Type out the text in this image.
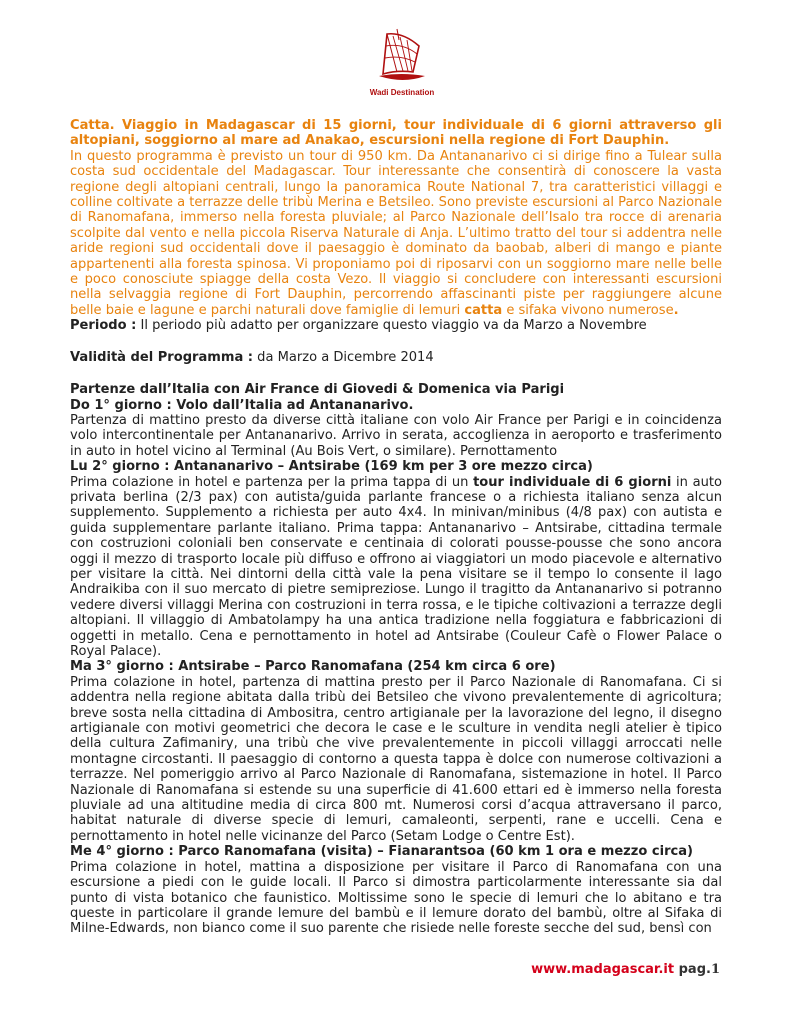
Wadi Destination

Catta. Viaggio in Madagascar di 15 giorni, tour individuale di 6 giorni attraverso gli altopiani, soggiorno al mare ad Anakao, escursioni nella regione di Fort Dauphin.

In questo programma è previsto un tour di 950 km. Da Antananarivo ci si dirige fino a Tulear sulla costa sud occidentale del Madagascar. Tour interessante che consentirà di conoscere la vasta regione degli altopiani centrali, lungo la panoramica Route National 7, tra caratteristici villaggi e colline coltivate a terrazze delle tribù Merina e Betsileo. Sono previste escursioni al Parco Nazionale di Ranomafana, immerso nella foresta pluviale; al Parco Nazionale dell’Isalo tra rocce di arenaria scolpite dal vento e nella piccola Riserva Naturale di Anja. L’ultimo tratto del tour si addentra nelle aride regioni sud occidentali dove il paesaggio è dominato da baobab, alberi di mango e piante appartenenti alla foresta spinosa. Vi proponiamo poi di riposarvi con un soggiorno mare nelle belle e poco conosciute spiagge della costa Vezo. Il viaggio si concludere con interessanti escursioni nella selvaggia regione di Fort Dauphin, percorrendo affascinanti piste per raggiungere alcune belle baie e lagune e parchi naturali dove famiglie di lemuri catta e sifaka vivono numerose.

Periodo : Il periodo più adatto per organizzare questo viaggio va da Marzo a Novembre

Validità del Programma : da Marzo a Dicembre 2014

Partenze dall’Italia con Air France di Giovedi & Domenica via Parigi

Do 1° giorno : Volo dall’Italia ad Antananarivo.

Partenza di mattino presto da diverse città italiane con volo Air France per Parigi e in coincidenza volo intercontinentale per Antananarivo. Arrivo in serata, accoglienza in aeroporto e trasferimento in auto in hotel vicino al Terminal (Au Bois Vert, o similare). Pernottamento

Lu 2° giorno : Antananarivo – Antsirabe (169 km per 3 ore mezzo circa)

Prima colazione in hotel e partenza per la prima tappa di un tour individuale di 6 giorni in auto privata berlina (2/3 pax) con autista/guida parlante francese o a richiesta italiano senza alcun supplemento. Supplemento a richiesta per auto 4x4. In minivan/minibus (4/8 pax) con autista e guida supplementare parlante italiano. Prima tappa: Antananarivo – Antsirabe, cittadina termale con costruzioni coloniali ben conservate e centinaia di colorati pousse-pousse che sono ancora oggi il mezzo di trasporto locale più diffuso e offrono ai viaggiatori un modo piacevole e alternativo per visitare la città. Nei dintorni della città vale la pena visitare se il tempo lo consente il lago Andraikiba con il suo mercato di pietre semipreziose. Lungo il tragitto da Antananarivo si potranno vedere diversi villaggi Merina con costruzioni in terra rossa, e le tipiche coltivazioni a terrazze degli altopiani. Il villaggio di Ambatolampy ha una antica tradizione nella foggiatura e fabbricazioni di oggetti in metallo. Cena e pernottamento in hotel ad Antsirabe (Couleur Cafè o Flower Palace o Royal Palace).

Ma 3° giorno : Antsirabe – Parco Ranomafana (254 km circa 6 ore)

Prima colazione in hotel, partenza di mattina presto per il Parco Nazionale di Ranomafana. Ci si addentra nella regione abitata dalla tribù dei Betsileo che vivono prevalentemente di agricoltura; breve sosta nella cittadina di Ambositra, centro artigianale per la lavorazione del legno, il disegno artigianale con motivi geometrici che decora le case e le sculture in vendita negli atelier è tipico della cultura Zafimaniry, una tribù che vive prevalentemente in piccoli villaggi arroccati nelle montagne circostanti. Il paesaggio di contorno a questa tappa è dolce con numerose coltivazioni a terrazze. Nel pomeriggio arrivo al Parco Nazionale di Ranomafana, sistemazione in hotel. Il Parco Nazionale di Ranomafana si estende su una superficie di 41.600 ettari ed è immerso nella foresta pluviale ad una altitudine media di circa 800 mt. Numerosi corsi d’acqua attraversano il parco, habitat naturale di diverse specie di lemuri, camaleonti, serpenti, rane e uccelli. Cena e pernottamento in hotel nelle vicinanze del Parco (Setam Lodge o Centre Est).

Me 4° giorno : Parco Ranomafana (visita) – Fianarantsoa (60 km 1 ora e mezzo circa)

Prima colazione in hotel, mattina a disposizione per visitare il Parco di Ranomafana con una escursione a piedi con le guide locali. Il Parco si dimostra particolarmente interessante sia dal punto di vista botanico che faunistico. Moltissime sono le specie di lemuri che lo abitano e tra queste in particolare il grande lemure del bambù e il lemure dorato del bambù, oltre al Sifaka di Milne-Edwards, non bianco come il suo parente che risiede nelle foreste secche del sud, bensì con

www.madagascar.it pag.1
